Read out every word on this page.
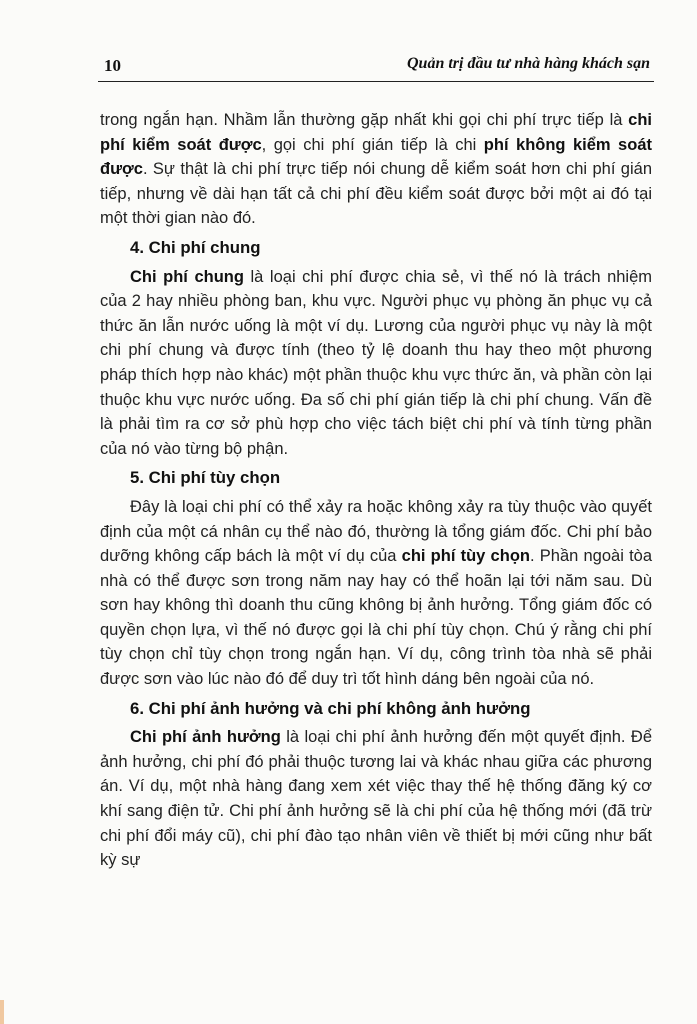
10	Quản trị đầu tư nhà hàng khách sạn

trong ngắn hạn. Nhầm lẫn thường gặp nhất khi gọi chi phí trực tiếp là chi phí kiểm soát được, gọi chi phí gián tiếp là chi phí không kiểm soát được. Sự thật là chi phí trực tiếp nói chung dễ kiểm soát hơn chi phí gián tiếp, nhưng về dài hạn tất cả chi phí đều kiểm soát được bởi một ai đó tại một thời gian nào đó.

4. Chi phí chung

Chi phí chung là loại chi phí được chia sẻ, vì thế nó là trách nhiệm của 2 hay nhiều phòng ban, khu vực. Người phục vụ phòng ăn phục vụ cả thức ăn lẫn nước uống là một ví dụ. Lương của người phục vụ này là một chi phí chung và được tính (theo tỷ lệ doanh thu hay theo một phương pháp thích hợp nào khác) một phần thuộc khu vực thức ăn, và phần còn lại thuộc khu vực nước uống. Đa số chi phí gián tiếp là chi phí chung. Vấn đề là phải tìm ra cơ sở phù hợp cho việc tách biệt chi phí và tính từng phần của nó vào từng bộ phận.

5. Chi phí tùy chọn

Đây là loại chi phí có thể xảy ra hoặc không xảy ra tùy thuộc vào quyết định của một cá nhân cụ thể nào đó, thường là tổng giám đốc. Chi phí bảo dưỡng không cấp bách là một ví dụ của chi phí tùy chọn. Phần ngoài tòa nhà có thể được sơn trong năm nay hay có thể hoãn lại tới năm sau. Dù sơn hay không thì doanh thu cũng không bị ảnh hưởng. Tổng giám đốc có quyền chọn lựa, vì thế nó được gọi là chi phí tùy chọn. Chú ý rằng chi phí tùy chọn chỉ tùy chọn trong ngắn hạn. Ví dụ, công trình tòa nhà sẽ phải được sơn vào lúc nào đó để duy trì tốt hình dáng bên ngoài của nó.

6. Chi phí ảnh hưởng và chi phí không ảnh hưởng

Chi phí ảnh hưởng là loại chi phí ảnh hưởng đến một quyết định. Để ảnh hưởng, chi phí đó phải thuộc tương lai và khác nhau giữa các phương án. Ví dụ, một nhà hàng đang xem xét việc thay thế hệ thống đăng ký cơ khí sang điện tử. Chi phí ảnh hưởng sẽ là chi phí của hệ thống mới (đã trừ chi phí đổi máy cũ), chi phí đào tạo nhân viên về thiết bị mới cũng như bất kỳ sự
